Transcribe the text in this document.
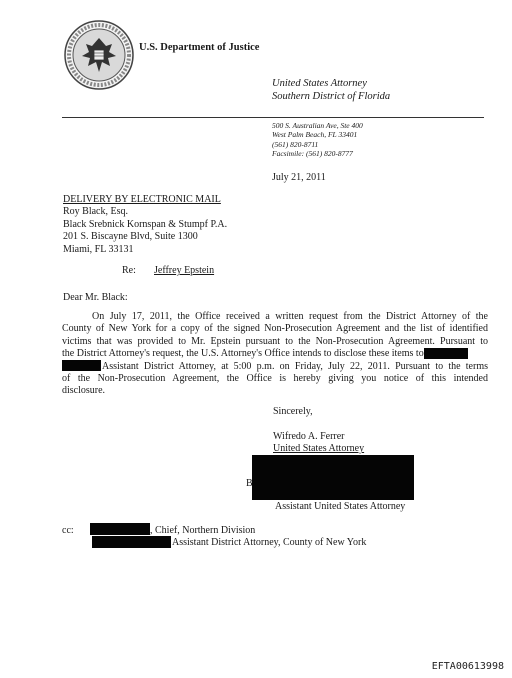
U.S. Department of Justice
United States Attorney
Southern District of Florida
500 S. Australian Ave, Ste 400
West Palm Beach, FL 33401
(561) 820-8711
Facsimile: (561) 820-8777
July 21, 2011
DELIVERY BY ELECTRONIC MAIL
Roy Black, Esq.
Black Srebnick Kornspan & Stumpf P.A.
201 S. Biscayne Blvd, Suite 1300
Miami, FL 33131
Re: Jeffrey Epstein
Dear Mr. Black:
On July 17, 2011, the Office received a written request from the District Attorney of the
County of New York for a copy of the signed Non-Prosecution Agreement and the list of identified
victims that was provided to Mr. Epstein pursuant to the Non-Prosecution Agreement. Pursuant to
the District Attorney's request, the U.S. Attorney's Office intends to disclose these items to
Assistant District Attorney, at 5:00 p.m. on Friday, July 22, 2011. Pursuant to the terms
of the Non-Prosecution Agreement, the Office is hereby giving you notice of this intended
disclosure.
Sincerely,
Wifredo A. Ferrer
United States Attorney
B
Assistant United States Attorney
cc:	, Chief, Northern Division
Assistant District Attorney, County of New York
EFTA00613998
